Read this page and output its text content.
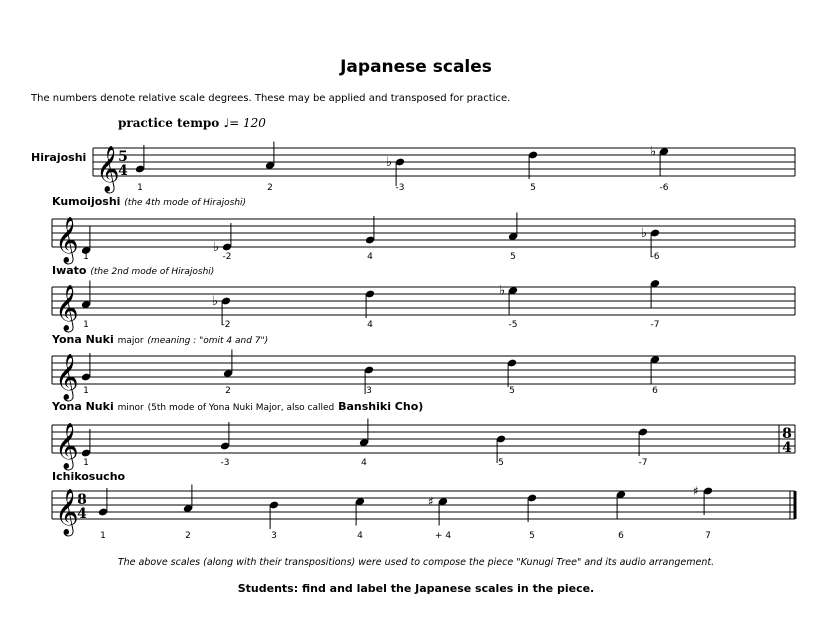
Japanese scales
The numbers denote relative scale degrees. These may be applied and transposed for practice.
practice tempo ♩= 120
Hirajoshi
Kumoijoshi (the 4th mode of Hirajoshi)
Iwato (the 2nd mode of Hirajoshi)
Yona Nuki major (meaning : "omit 4 and 7")
Yona Nuki minor (5th mode of Yona Nuki Major, also called Banshiki Cho)
Ichikosucho
𝄞
5
4
1	2
♭
-3	5
♭
-6
𝄞 1
♭
-2	4	5
♭
-6
𝄞 1
♭
-2	4
♭
-5	-7
𝄞 1	2	3	5	6
𝄞	8
4
1	-3	4	5	-7
𝄞
8
4
1	2	3	4
♯
+ 4	5	6
♯
7
The above scales (along with their transpositions) were used to compose the piece "Kunugi Tree" and its audio arrangement.
Students: find and label the Japanese scales in the piece.
